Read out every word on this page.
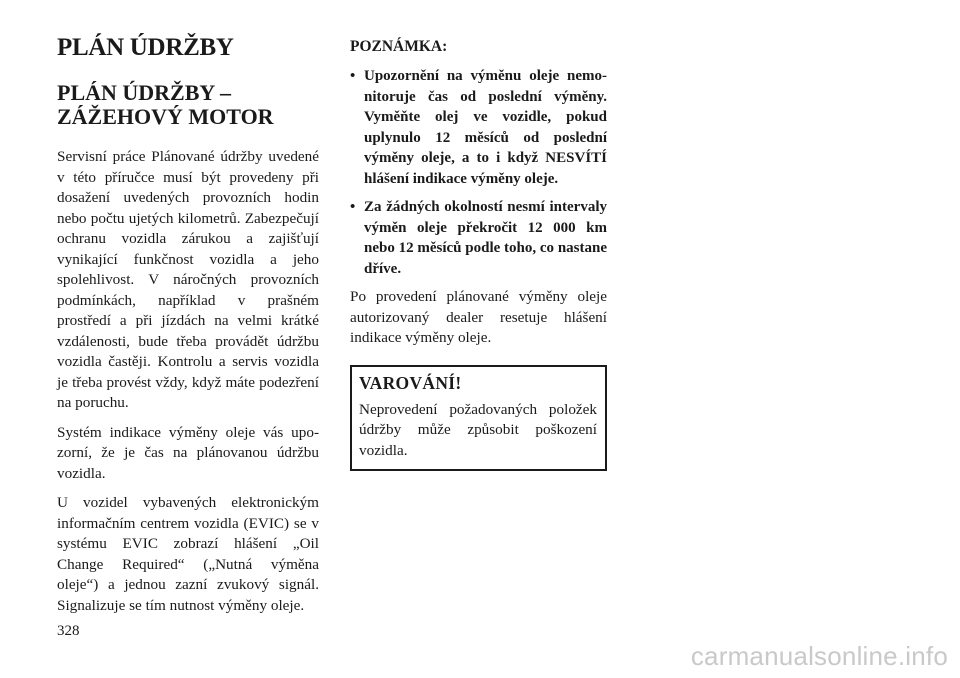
PLÁN ÚDRŽBY
PLÁN ÚDRŽBY –
ZÁŽEHOVÝ MOTOR

Servisní práce Plánované údržby uvedené v této příručce musí být provedeny při dosažení uvedených provozních hodin nebo počtu ujetých kilometrů. Zabezpečují ochranu vozidla zárukou a zajišťují vynikající funkčnost vozidla a jeho spolehlivost. V náročných provozních podmínkách, například v prašném prostředí a při jízdách na velmi krátké vzdálenosti, bude třeba provádět údržbu vozidla častěji. Kontrolu a servis vozidla je třeba provést vždy, když máte podezření na poruchu.

Systém indikace výměny oleje vás upozorní, že je čas na plánovanou údržbu vozidla.

U vozidel vybavených elektronickým informačním centrem vozidla (EVIC) se v systému EVIC zobrazí hlášení „Oil Change Required“ („Nutná výměna oleje“) a jednou zazní zvukový signál. Signalizuje se tím nutnost výměny oleje.

POZNÁMKA:
• Upozornění na výměnu oleje nemonitoruje čas od poslední výměny. Vyměňte olej ve vozidle, pokud uplynulo 12 měsíců od poslední výměny oleje, a to i když NESVÍTÍ hlášení indikace výměny oleje.
• Za žádných okolností nesmí intervaly výměn oleje překročit 12 000 km nebo 12 měsíců podle toho, co nastane dříve.

Po provedení plánované výměny oleje autorizovaný dealer resetuje hlášení indikace výměny oleje.

VAROVÁNÍ!

Neprovedení požadovaných položek údržby může způsobit poškození vozidla.

328
carmanualsonline.info
